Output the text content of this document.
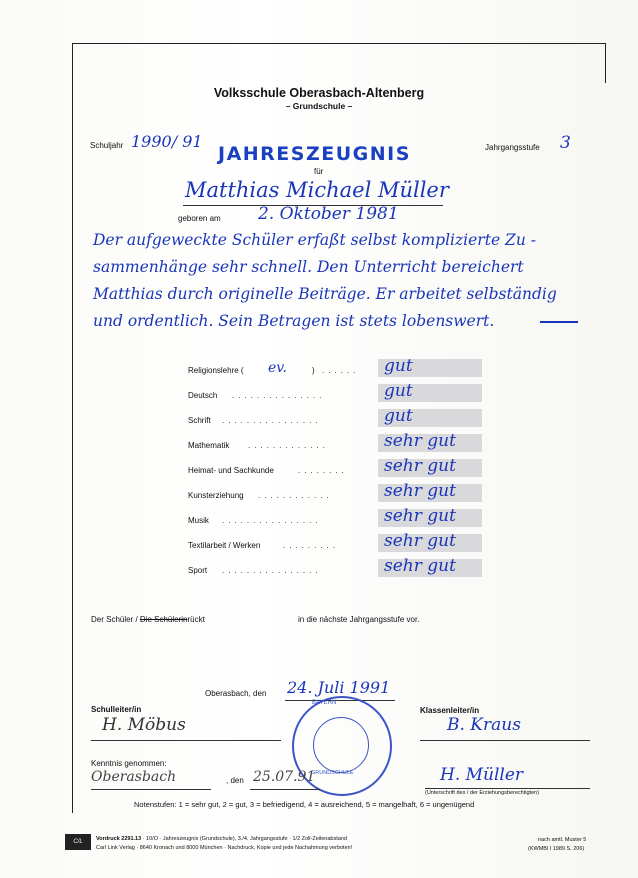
Volksschule Oberasbach-Altenberg
– Grundschule –
Schuljahr 1990/ 91
JAHRESZEUGNIS	Jahrgangsstufe 3
für
Matthias Michael Müller
geboren am 2. Oktober 1981
Der aufgeweckte Schüler erfaßt selbst komplizierte Zu -
sammenhänge sehr schnell. Den Unterricht bereichert
Matthias durch originelle Beiträge. Er arbeitet selbständig
und ordentlich. Sein Betragen ist stets lobenswert.
Religionslehre ( ev.	) ...... gut
Deutsch ...............	gut
Schrift ................	gut
Mathematik .............	sehr gut
Heimat- und Sachkunde	........ sehr gut
Kunsterziehung ............	sehr gut
Musik ................	sehr gut
Textilarbeit / Werken	.........	sehr gut
Sport ................	sehr gut
Der Schüler / Die Schülerinrückt	in die nächste Jahrgangsstufe vor.
Oberasbach, den 24. Juli 1991
Schulleiter/in
H. Möbus
Klassenleiter/in
B. Kraus
BAYERN
GRUNDSCHULE
Kenntnis genommen:
Oberasbach	, den 25.07.91	H. Müller
(Unterschrift des / der Erziehungsberechtigten)
Notenstufen: 1 = sehr gut, 2 = gut, 3 = befriedigend, 4 = ausreichend, 5 = mangelhaft, 6 = ungenügend
C/L	Vordruck 2291.13 · 10/O · Jahreszeugnis (Grundschule), 3./4. Jahrgangsstufe · 1/2 Zoll-Zeilenabstand
Carl Link Verlag · 8640 Kronach und 8000 München · Nachdruck, Kopie und jede Nachahmung verboten!
nach amtl. Muster 5
(KWMBl I 1989 S. 206)
